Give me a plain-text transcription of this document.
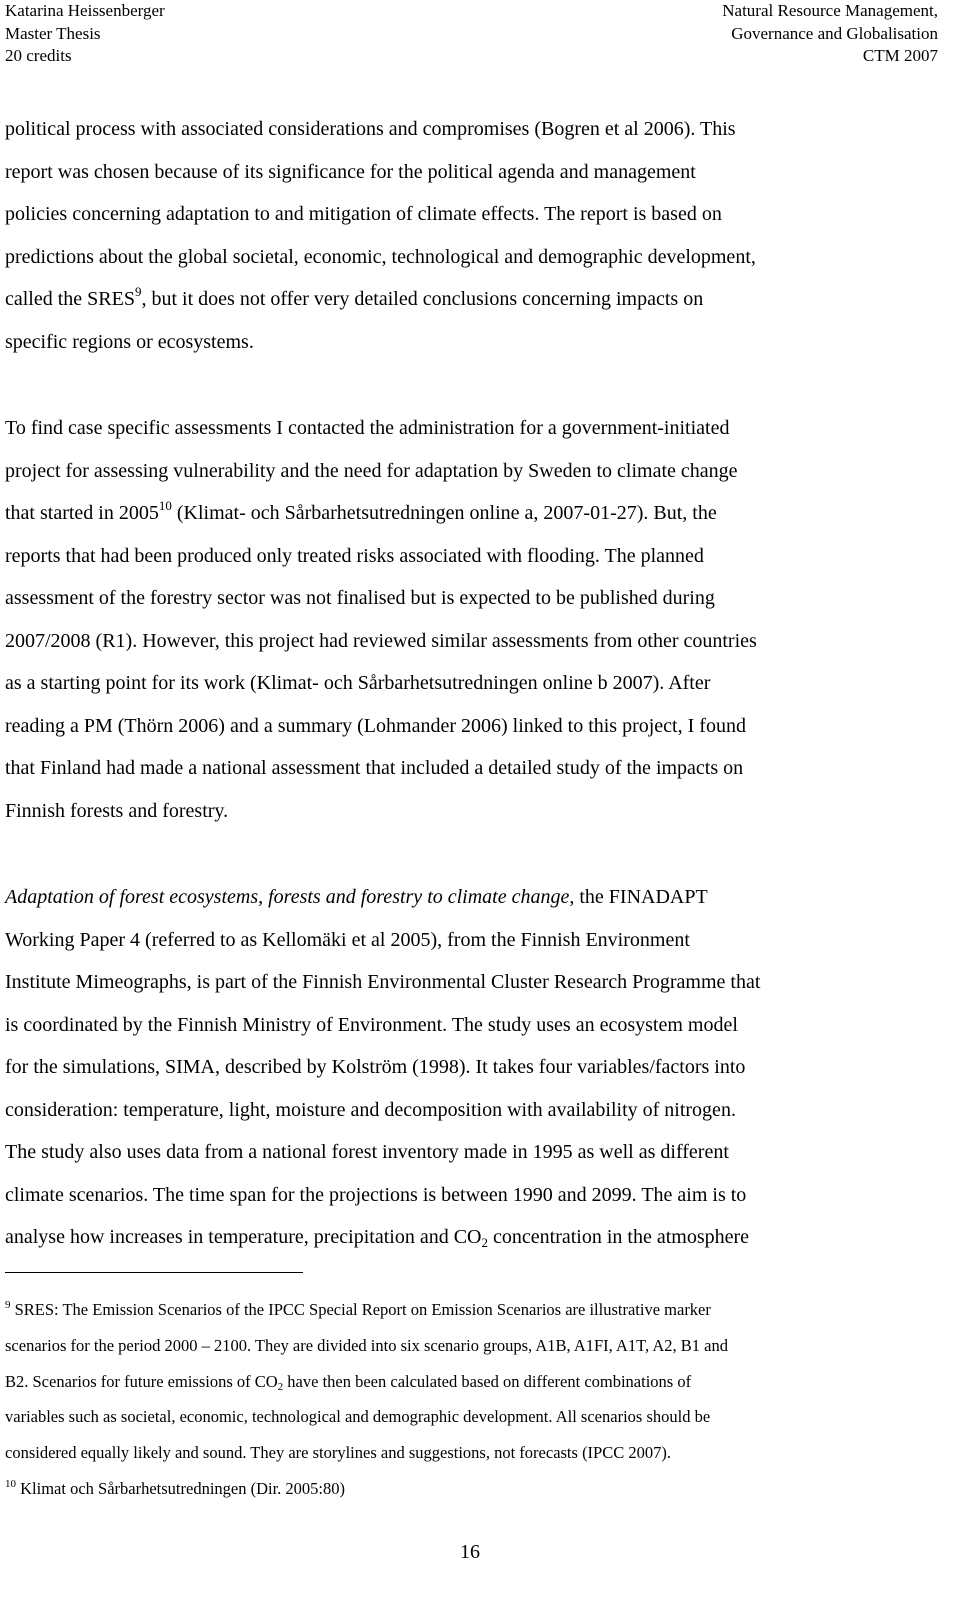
Katarina Heissenberger
Master Thesis
20 credits
Natural Resource Management,
Governance and Globalisation
CTM 2007
political process with associated considerations and compromises (Bogren et al 2006). This
report was chosen because of its significance for the political agenda and management
policies concerning adaptation to and mitigation of climate effects. The report is based on
predictions about the global societal, economic, technological and demographic development,
called the SRES$^9$, but it does not offer very detailed conclusions concerning impacts on
specific regions or ecosystems.
To find case specific assessments I contacted the administration for a government-initiated
project for assessing vulnerability and the need for adaptation by Sweden to climate change
that started in 2005$^{10}$ (Klimat- och Sårbarhetsutredningen online a, 2007-01-27). But, the
reports that had been produced only treated risks associated with flooding. The planned
assessment of the forestry sector was not finalised but is expected to be published during
2007/2008 (R1). However, this project had reviewed similar assessments from other countries
as a starting point for its work (Klimat- och Sårbarhetsutredningen online b 2007). After
reading a PM (Thörn 2006) and a summary (Lohmander 2006) linked to this project, I found
that Finland had made a national assessment that included a detailed study of the impacts on
Finnish forests and forestry.
Adaptation of forest ecosystems, forests and forestry to climate change, the FINADAPT
Working Paper 4 (referred to as Kellomäki et al 2005), from the Finnish Environment
Institute Mimeographs, is part of the Finnish Environmental Cluster Research Programme that
is coordinated by the Finnish Ministry of Environment. The study uses an ecosystem model
for the simulations, SIMA, described by Kolström (1998). It takes four variables/factors into
consideration: temperature, light, moisture and decomposition with availability of nitrogen.
The study also uses data from a national forest inventory made in 1995 as well as different
climate scenarios. The time span for the projections is between 1990 and 2099. The aim is to
analyse how increases in temperature, precipitation and $CO_2$ concentration in the atmosphere
$^9$ SRES: The Emission Scenarios of the IPCC Special Report on Emission Scenarios are illustrative marker
scenarios for the period 2000 – 2100. They are divided into six scenario groups, A1B, A1FI, A1T, A2, B1 and
B2. Scenarios for future emissions of CO2 have then been calculated based on different combinations of
variables such as societal, economic, technological and demographic development. All scenarios should be
considered equally likely and sound. They are storylines and suggestions, not forecasts (IPCC 2007).
$^{10}$ Klimat och Sårbarhetsutredningen (Dir. 2005:80)
16
